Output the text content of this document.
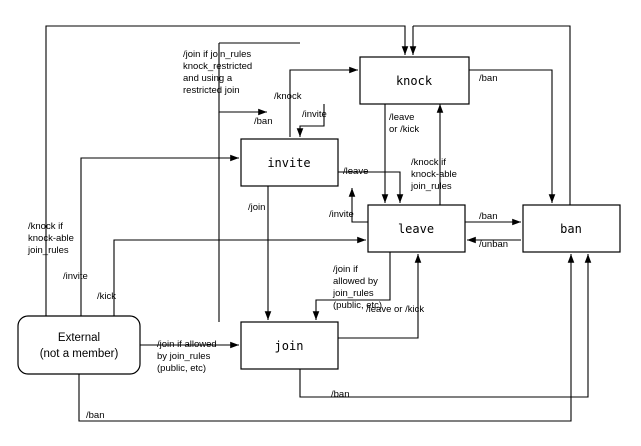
External
(not a member)
invite
knock
leave	ban
join
/join if join_rules
knock_restricted
and using a
restricted join
/knock
/ban
/ban
/invite	/leave
or /kick
/knock if
knock-able
join_rules
/leave
/invite
/join
/ban
/unban
/knock if
knock-able
join_rules
/invite
/kick
/join if
allowed by
join_rules
(public, etc)
/leave or /kick
/join if allowed
by join_rules
(public, etc)
/ban
/ban
